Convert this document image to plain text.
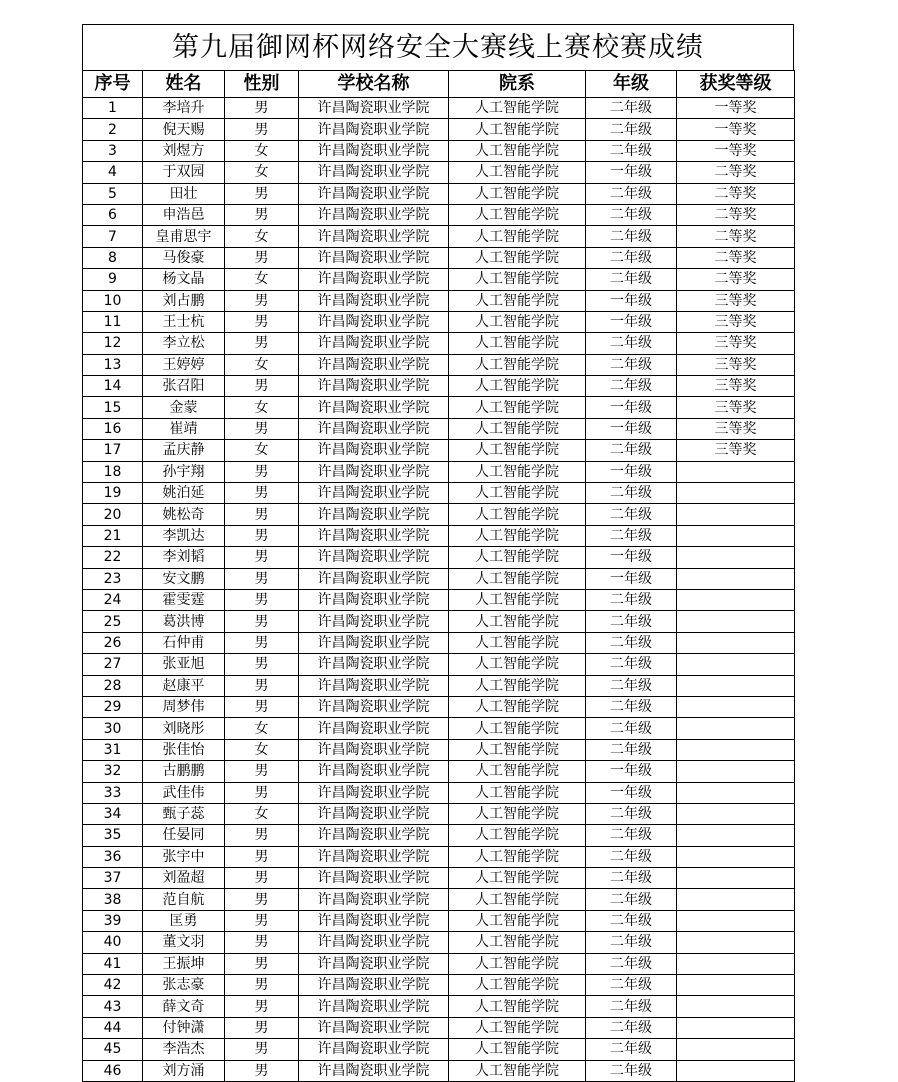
第九届御网杯网络安全大赛线上赛校赛成绩
序号	姓名	性别	学校名称	院系	年级	获奖等级
1	李培升	男	许昌陶瓷职业学院	人工智能学院	二年级	一等奖
2	倪天赐	男	许昌陶瓷职业学院	人工智能学院	二年级	一等奖
3	刘煜方	女	许昌陶瓷职业学院	人工智能学院	二年级	一等奖
4	于双园	女	许昌陶瓷职业学院	人工智能学院	一年级	二等奖
5	田壮	男	许昌陶瓷职业学院	人工智能学院	二年级	二等奖
6	申浩邑	男	许昌陶瓷职业学院	人工智能学院	二年级	二等奖
7	皇甫思宇	女	许昌陶瓷职业学院	人工智能学院	二年级	二等奖
8	马俊豪	男	许昌陶瓷职业学院	人工智能学院	二年级	二等奖
9	杨文晶	女	许昌陶瓷职业学院	人工智能学院	二年级	二等奖
10	刘占鹏	男	许昌陶瓷职业学院	人工智能学院	一年级	三等奖
11	王士杭	男	许昌陶瓷职业学院	人工智能学院	一年级	三等奖
12	李立松	男	许昌陶瓷职业学院	人工智能学院	二年级	三等奖
13	王婷婷	女	许昌陶瓷职业学院	人工智能学院	二年级	三等奖
14	张召阳	男	许昌陶瓷职业学院	人工智能学院	二年级	三等奖
15	金蒙	女	许昌陶瓷职业学院	人工智能学院	一年级	三等奖
16	崔靖	男	许昌陶瓷职业学院	人工智能学院	一年级	三等奖
17	孟庆静	女	许昌陶瓷职业学院	人工智能学院	二年级	三等奖
18	孙宇翔	男	许昌陶瓷职业学院	人工智能学院	一年级	
19	姚泊延	男	许昌陶瓷职业学院	人工智能学院	二年级	
20	姚松奇	男	许昌陶瓷职业学院	人工智能学院	二年级	
21	李凯达	男	许昌陶瓷职业学院	人工智能学院	二年级	
22	李刘韬	男	许昌陶瓷职业学院	人工智能学院	一年级	
23	安文鹏	男	许昌陶瓷职业学院	人工智能学院	一年级	
24	霍雯霆	男	许昌陶瓷职业学院	人工智能学院	二年级	
25	葛洪博	男	许昌陶瓷职业学院	人工智能学院	二年级	
26	石仲甫	男	许昌陶瓷职业学院	人工智能学院	二年级	
27	张亚旭	男	许昌陶瓷职业学院	人工智能学院	二年级	
28	赵康平	男	许昌陶瓷职业学院	人工智能学院	二年级	
29	周梦伟	男	许昌陶瓷职业学院	人工智能学院	二年级	
30	刘晓彤	女	许昌陶瓷职业学院	人工智能学院	二年级	
31	张佳怡	女	许昌陶瓷职业学院	人工智能学院	二年级	
32	古鹏鹏	男	许昌陶瓷职业学院	人工智能学院	一年级	
33	武佳伟	男	许昌陶瓷职业学院	人工智能学院	一年级	
34	甄子蕊	女	许昌陶瓷职业学院	人工智能学院	二年级	
35	任晏同	男	许昌陶瓷职业学院	人工智能学院	二年级	
36	张宇中	男	许昌陶瓷职业学院	人工智能学院	二年级	
37	刘盈超	男	许昌陶瓷职业学院	人工智能学院	二年级	
38	范自航	男	许昌陶瓷职业学院	人工智能学院	二年级	
39	匡勇	男	许昌陶瓷职业学院	人工智能学院	二年级	
40	董文羽	男	许昌陶瓷职业学院	人工智能学院	二年级	
41	王振坤	男	许昌陶瓷职业学院	人工智能学院	二年级	
42	张志豪	男	许昌陶瓷职业学院	人工智能学院	二年级	
43	薛文奇	男	许昌陶瓷职业学院	人工智能学院	二年级	
44	付钟潇	男	许昌陶瓷职业学院	人工智能学院	二年级	
45	李浩杰	男	许昌陶瓷职业学院	人工智能学院	二年级	
46	刘方涌	男	许昌陶瓷职业学院	人工智能学院	二年级	
